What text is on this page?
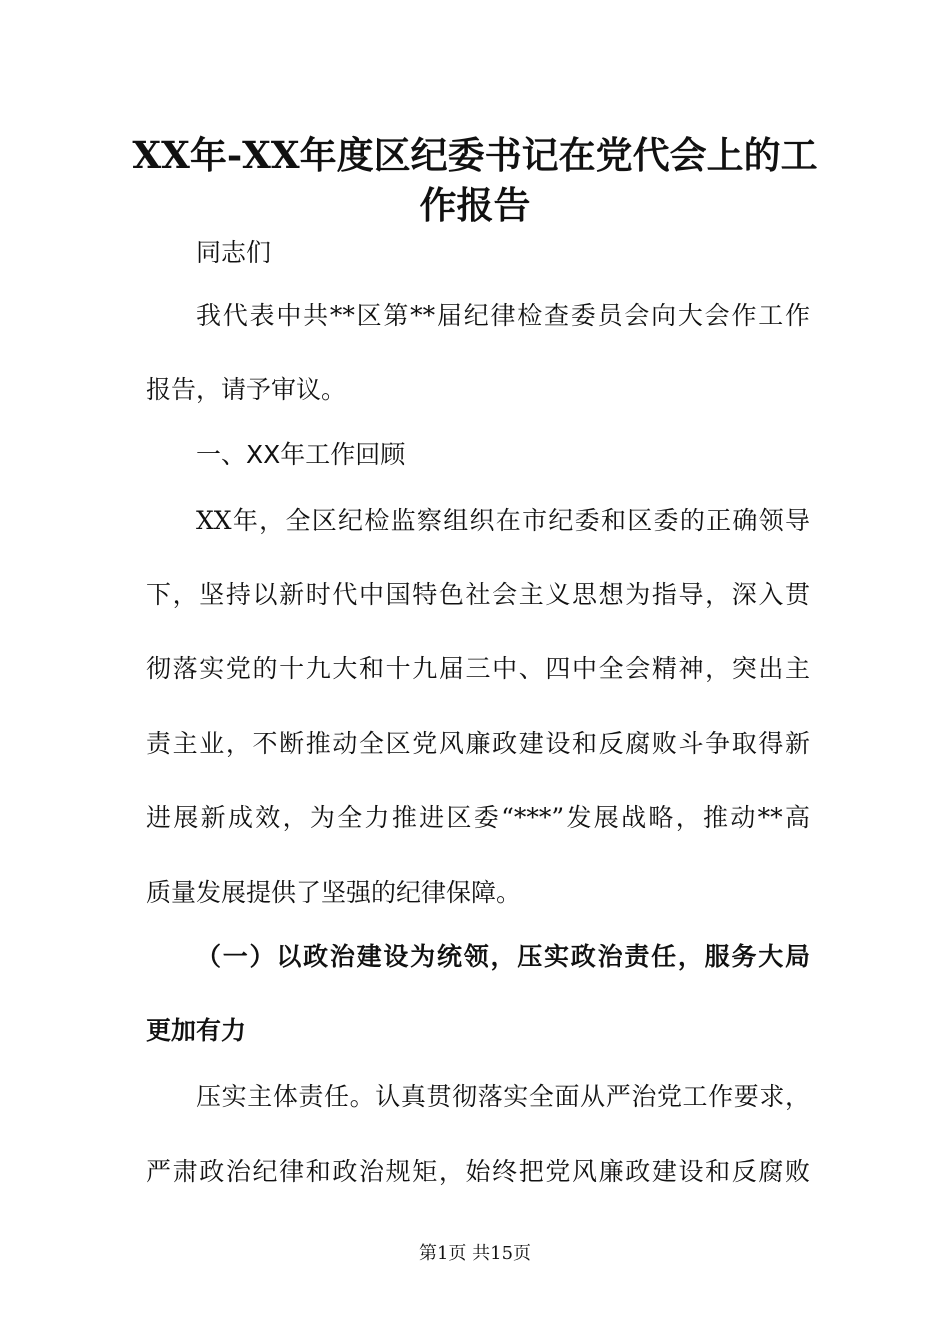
XX年-XX年度区纪委书记在党代会上的工
作报告
同志们
我代表中共**区第**届纪律检查委员会向大会作工作
报告，请予审议。
一、XX年工作回顾
XX年，全区纪检监察组织在市纪委和区委的正确领导
下，坚持以新时代中国特色社会主义思想为指导，深入贯
彻落实党的十九大和十九届三中、四中全会精神，突出主
责主业，不断推动全区党风廉政建设和反腐败斗争取得新
进展新成效，为全力推进区委“***”发展战略，推动**高
质量发展提供了坚强的纪律保障。
（一）以政治建设为统领，压实政治责任，服务大局
更加有力
压实主体责任。认真贯彻落实全面从严治党工作要求，
严肃政治纪律和政治规矩，始终把党风廉政建设和反腐败
第1页 共15页
